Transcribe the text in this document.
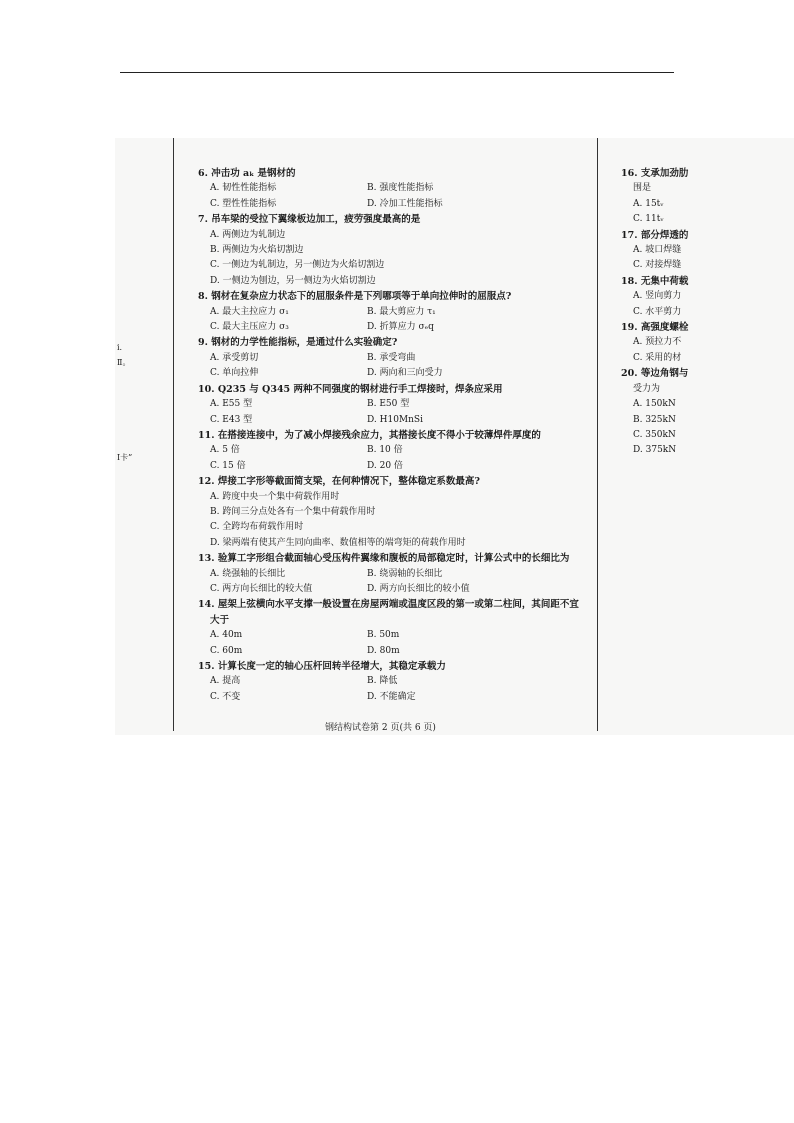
i.
Ⅱ。
Ⅰ卡”
6. 冲击功 aₖ 是钢材的
A. 韧性性能指标	B. 强度性能指标
C. 塑性性能指标	D. 冷加工性能指标
7. 吊车梁的受拉下翼缘板边加工，疲劳强度最高的是
A. 两侧边为轧制边
B. 两侧边为火焰切割边
C. 一侧边为轧制边，另一侧边为火焰切割边
D. 一侧边为刨边，另一侧边为火焰切割边
8. 钢材在复杂应力状态下的屈服条件是下列哪项等于单向拉伸时的屈服点?
A. 最大主拉应力 σ₁	B. 最大剪应力 τ₁
C. 最大主压应力 σ₃	D. 折算应力 σₑq
9. 钢材的力学性能指标，是通过什么实验确定?
A. 承受剪切	B. 承受弯曲
C. 单向拉伸	D. 两向和三向受力
10. Q235 与 Q345 两种不同强度的钢材进行手工焊接时，焊条应采用
A. E55 型	B. E50 型
C. E43 型	D. H10MnSi
11. 在搭接连接中，为了减小焊接残余应力，其搭接长度不得小于较薄焊件厚度的
A. 5 倍	B. 10 倍
C. 15 倍	D. 20 倍
12. 焊接工字形等截面简支梁，在何种情况下，整体稳定系数最高?
A. 跨度中央一个集中荷载作用时
B. 跨间三分点处各有一个集中荷载作用时
C. 全跨均布荷载作用时
D. 梁两端有使其产生同向曲率、数值相等的端弯矩的荷载作用时
13. 验算工字形组合截面轴心受压构件翼缘和腹板的局部稳定时，计算公式中的长细比为
A. 绕强轴的长细比	B. 绕弱轴的长细比
C. 两方向长细比的较大值	D. 两方向长细比的较小值
14. 屋架上弦横向水平支撑一般设置在房屋两端或温度区段的第一或第二柱间，其间距不宜
大于
A. 40m	B. 50m
C. 60m	D. 80m
15. 计算长度一定的轴心压杆回转半径增大，其稳定承载力
A. 提高	B. 降低
C. 不变	D. 不能确定
16. 支承加劲肋
围是
A. 15tᵥ
C. 11tᵥ
17. 部分焊透的
A. 坡口焊缝
C. 对接焊缝
18. 无集中荷载
A. 竖向剪力
C. 水平剪力
19. 高强度螺栓
A. 预拉力不
C. 采用的材
20. 等边角钢与
受力为
A. 150kN
B. 325kN
C. 350kN
D. 375kN
钢结构试卷第 2 页(共 6 页)
